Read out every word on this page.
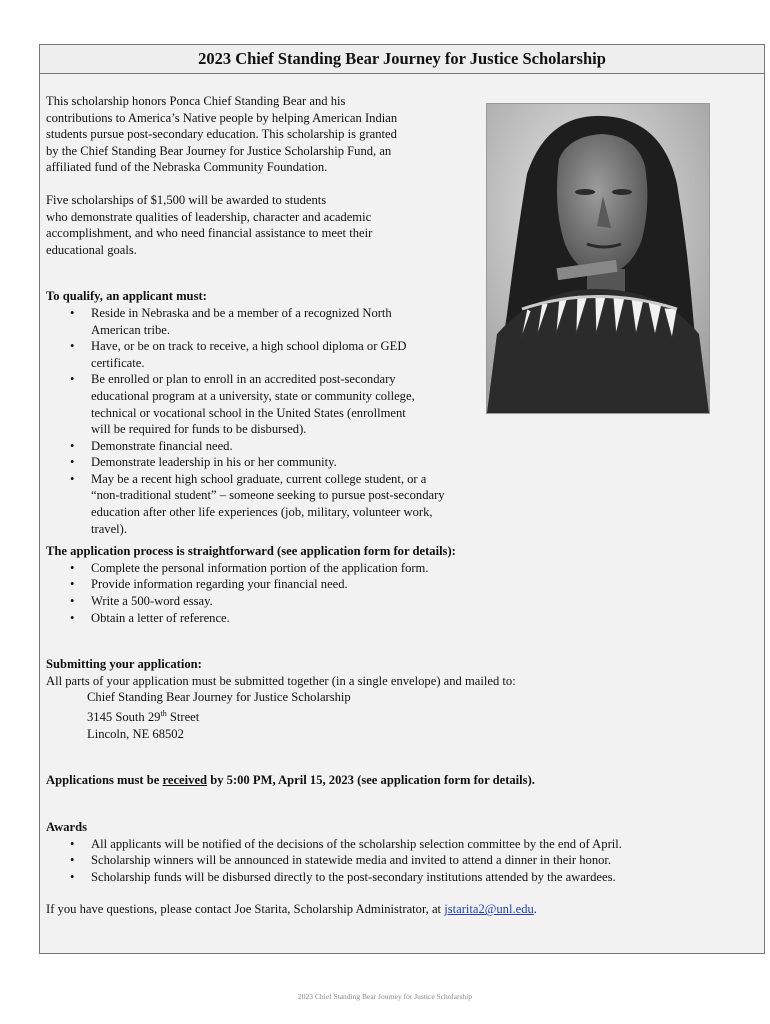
2023 Chief Standing Bear Journey for Justice Scholarship

This scholarship honors Ponca Chief Standing Bear and his
contributions to America’s Native people by helping American Indian
students pursue post-secondary education. This scholarship is granted
by the Chief Standing Bear Journey for Justice Scholarship Fund, an
affiliated fund of the Nebraska Community Foundation.

Five scholarships of $1,500 will be awarded to students
who demonstrate qualities of leadership, character and academic
accomplishment, and who need financial assistance to meet their
educational goals.

To qualify, an applicant must:

• Reside in Nebraska and be a member of a recognized North
American tribe.
• Have, or be on track to receive, a high school diploma or GED
certificate.
• Be enrolled or plan to enroll in an accredited post-secondary
educational program at a university, state or community college,
technical or vocational school in the United States (enrollment
will be required for funds to be disbursed).
• Demonstrate financial need.
• Demonstrate leadership in his or her community.
• May be a recent high school graduate, current college student, or a
“non-traditional student” – someone seeking to pursue post-secondary
education after other life experiences (job, military, volunteer work,
travel).

The application process is straightforward (see application form for details):

• Complete the personal information portion of the application form.
• Provide information regarding your financial need.
• Write a 500-word essay.
• Obtain a letter of reference.

Submitting your application:

All parts of your application must be submitted together (in a single envelope) and mailed to:

Chief Standing Bear Journey for Justice Scholarship
3145 South 29th Street
Lincoln, NE 68502

Applications must be received by 5:00 PM, April 15, 2023 (see application form for details).

Awards

• All applicants will be notified of the decisions of the scholarship selection committee by the end of April.
• Scholarship winners will be announced in statewide media and invited to attend a dinner in their honor.
• Scholarship funds will be disbursed directly to the post-secondary institutions attended by the awardees.

If you have questions, please contact Joe Starita, Scholarship Administrator, at jstarita2@unl.edu.

2023 Chief Standing Bear Journey for Justice Scholarship
